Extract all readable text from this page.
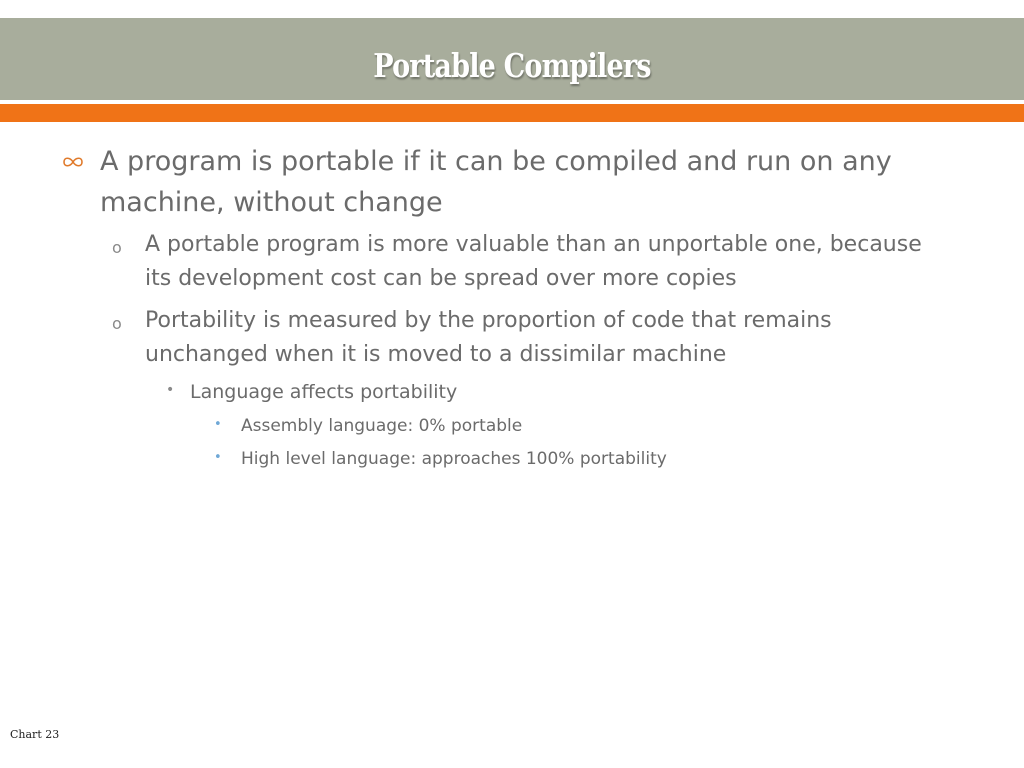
Portable Compilers
A program is portable if it can be compiled and run on any machine, without change
o A portable program is more valuable than an unportable one, because its development cost can be spread over more copies
o Portability is measured by the proportion of code that remains unchanged when it is moved to a dissimilar machine
• Language affects portability
• Assembly language: 0% portable
• High level language: approaches 100% portability
Chart 23
